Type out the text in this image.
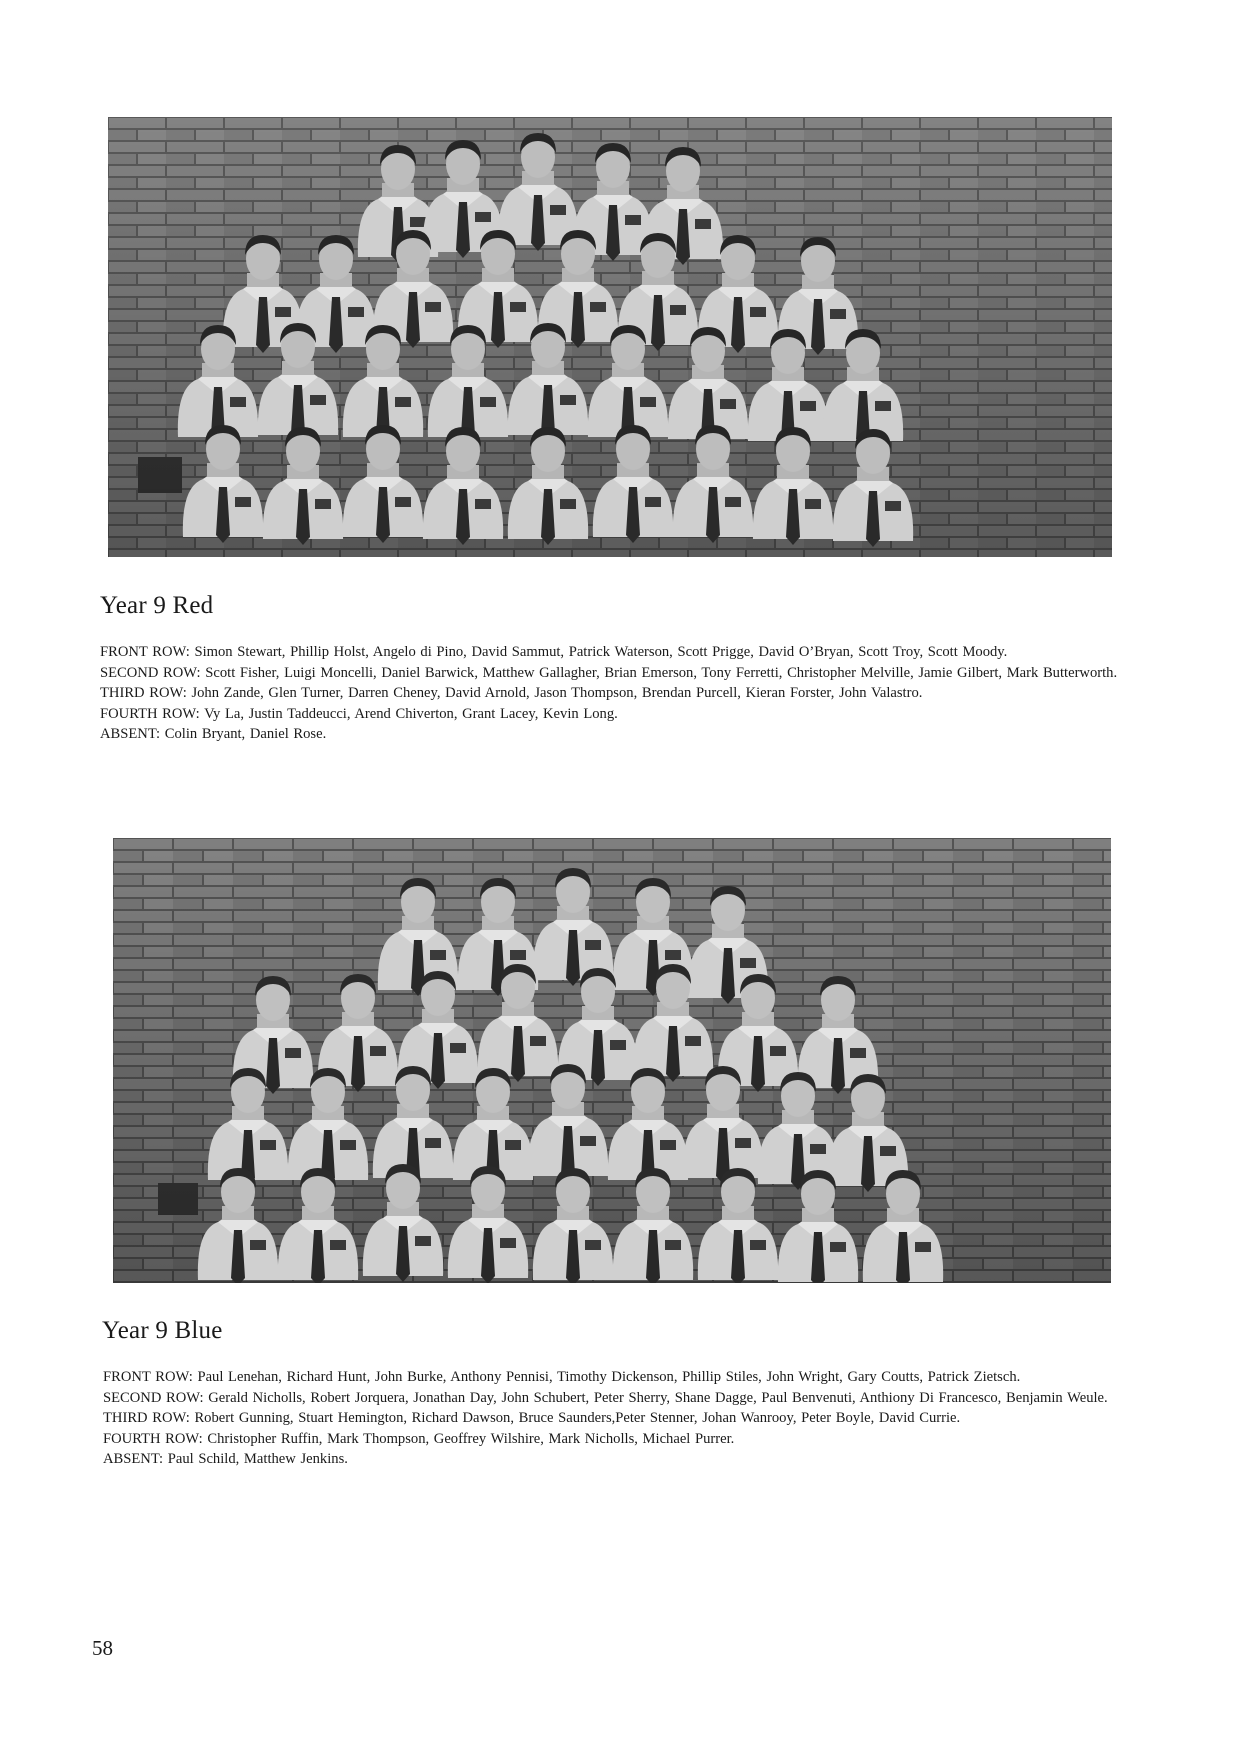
Year 9 Red

FRONT ROW: Simon Stewart, Phillip Holst, Angelo di Pino, David Sammut, Patrick Waterson, Scott Prigge, David O’Bryan, Scott Troy, Scott Moody.

SECOND ROW: Scott Fisher, Luigi Moncelli, Daniel Barwick, Matthew Gallagher, Brian Emerson, Tony Ferretti, Christopher Melville, Jamie Gilbert, Mark Butterworth.

THIRD ROW: John Zande, Glen Turner, Darren Cheney, David Arnold, Jason Thompson, Brendan Purcell, Kieran Forster, John Valastro.

FOURTH ROW: Vy La, Justin Taddeucci, Arend Chiverton, Grant Lacey, Kevin Long.

ABSENT: Colin Bryant, Daniel Rose.

Year 9 Blue

FRONT ROW: Paul Lenehan, Richard Hunt, John Burke, Anthony Pennisi, Timothy Dickenson, Phillip Stiles, John Wright, Gary Coutts, Patrick Zietsch.

SECOND ROW: Gerald Nicholls, Robert Jorquera, Jonathan Day, John Schubert, Peter Sherry, Shane Dagge, Paul Benvenuti, Anthiony Di Francesco, Benjamin Weule.

THIRD ROW: Robert Gunning, Stuart Hemington, Richard Dawson, Bruce Saunders,Peter Stenner, Johan Wanrooy, Peter Boyle, David Currie.

FOURTH ROW: Christopher Ruffin, Mark Thompson, Geoffrey Wilshire, Mark Nicholls, Michael Purrer.

ABSENT: Paul Schild, Matthew Jenkins.

58
